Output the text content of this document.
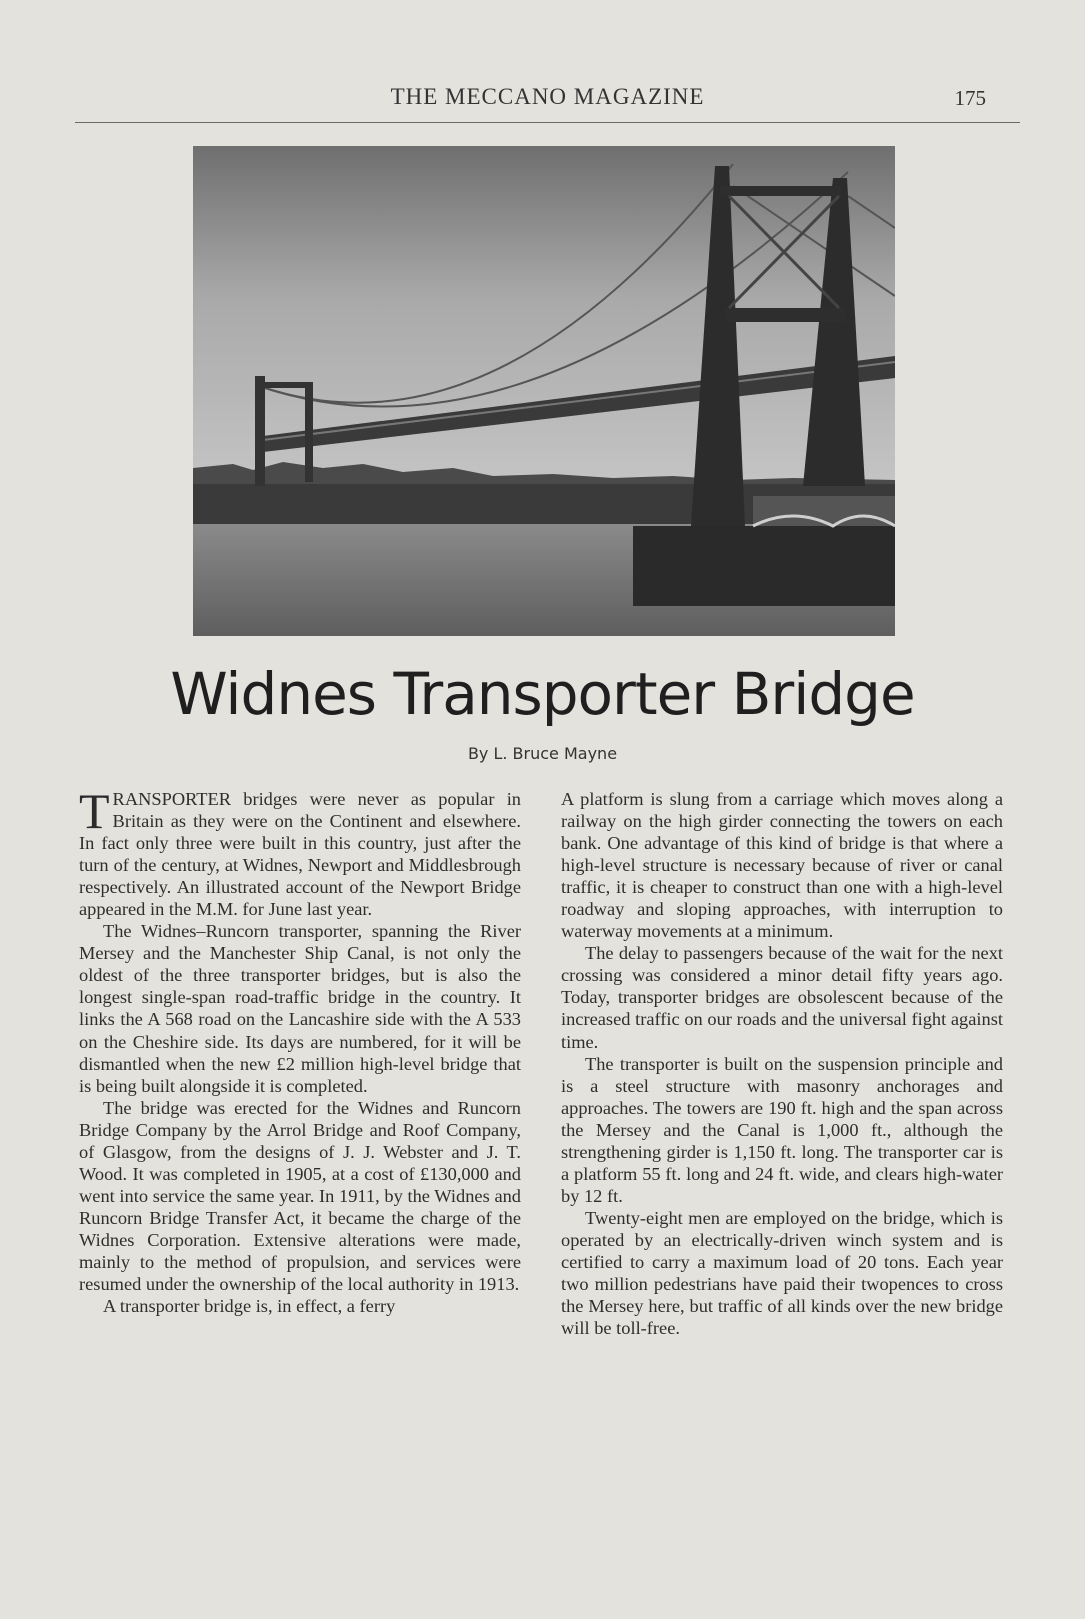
THE MECCANO MAGAZINE	175
Widnes Transporter Bridge
By L. Bruce Mayne

TRANSPORTER bridges were never as popular in Britain as they were on the Continent and elsewhere. In fact only three were built in this country, just after the turn of the century, at Widnes, Newport and Middlesbrough respectively. An illustrated account of the Newport Bridge appeared in the M.M. for June last year.

The Widnes–Runcorn transporter, spanning the River Mersey and the Manchester Ship Canal, is not only the oldest of the three transporter bridges, but is also the longest single-span road-traffic bridge in the country. It links the A 568 road on the Lancashire side with the A 533 on the Cheshire side. Its days are numbered, for it will be dismantled when the new £2 million high-level bridge that is being built alongside it is completed.

The bridge was erected for the Widnes and Runcorn Bridge Company by the Arrol Bridge and Roof Company, of Glasgow, from the designs of J. J. Webster and J. T. Wood. It was completed in 1905, at a cost of £130,000 and went into service the same year. In 1911, by the Widnes and Runcorn Bridge Transfer Act, it became the charge of the Widnes Corporation. Extensive alterations were made, mainly to the method of propulsion, and services were resumed under the ownership of the local authority in 1913.

A transporter bridge is, in effect, a ferry

A platform is slung from a carriage which moves along a railway on the high girder connecting the towers on each bank. One advantage of this kind of bridge is that where a high-level structure is necessary because of river or canal traffic, it is cheaper to construct than one with a high-level roadway and sloping approaches, with interruption to waterway movements at a minimum.

The delay to passengers because of the wait for the next crossing was considered a minor detail fifty years ago. Today, transporter bridges are obsolescent because of the increased traffic on our roads and the universal fight against time.

The transporter is built on the suspension principle and is a steel structure with masonry anchorages and approaches. The towers are 190 ft. high and the span across the Mersey and the Canal is 1,000 ft., although the strengthening girder is 1,150 ft. long. The transporter car is a platform 55 ft. long and 24 ft. wide, and clears high-water by 12 ft.

Twenty-eight men are employed on the bridge, which is operated by an electrically-driven winch system and is certified to carry a maximum load of 20 tons. Each year two million pedestrians have paid their twopences to cross the Mersey here, but traffic of all kinds over the new bridge will be toll-free.
